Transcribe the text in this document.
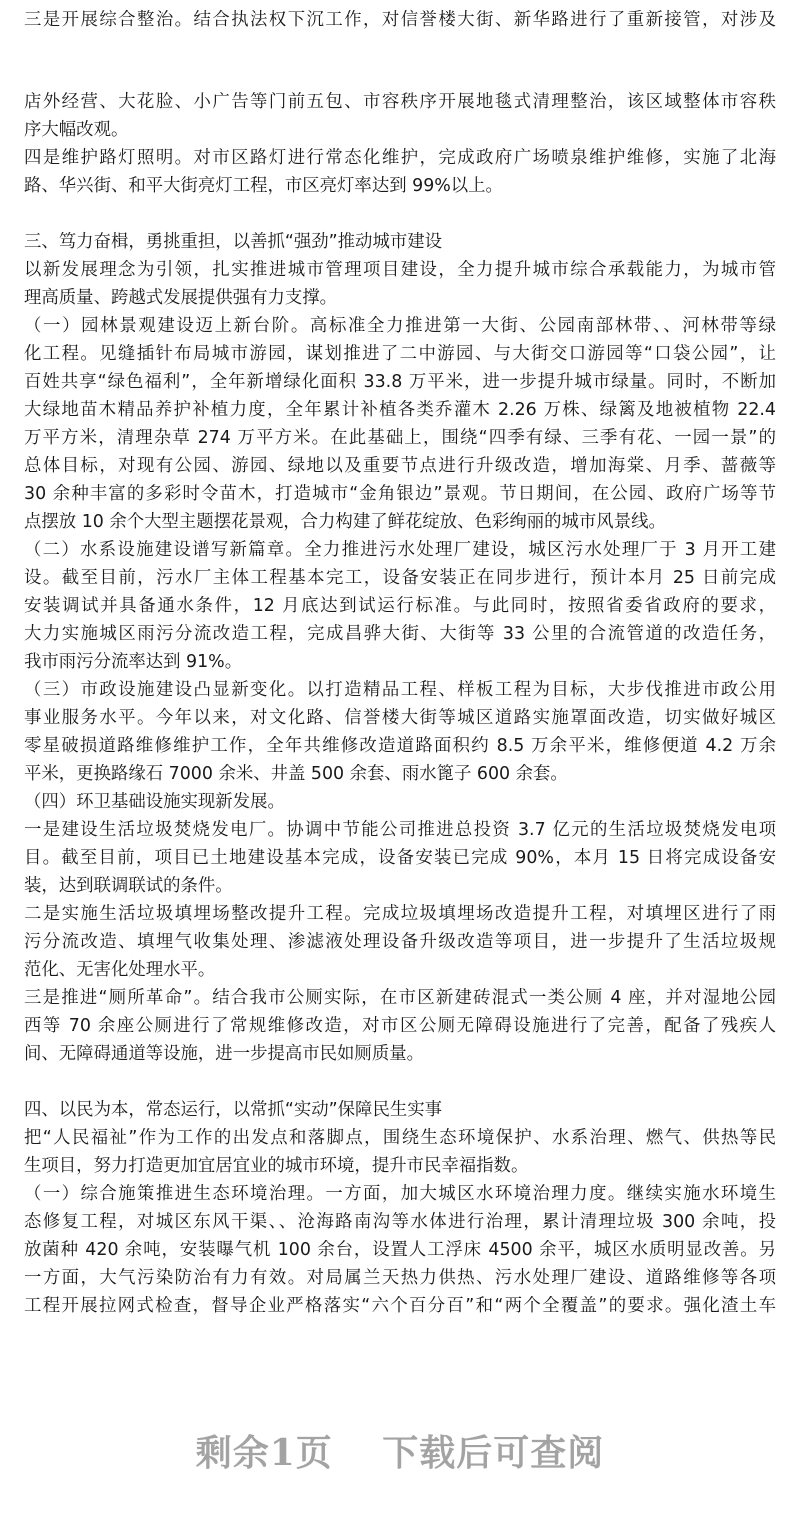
三是开展综合整治。结合执法权下沉工作，对信誉楼大街、新华路进行了重新接管，对涉及
店外经营、大花脸、小广告等门前五包、市容秩序开展地毯式清理整治，该区域整体市容秩
序大幅改观。
四是维护路灯照明。对市区路灯进行常态化维护，完成政府广场喷泉维护维修，实施了北海
路、华兴街、和平大街亮灯工程，市区亮灯率达到 99%以上。
三、笃力奋楫，勇挑重担，以善抓“强劲”推动城市建设
以新发展理念为引领，扎实推进城市管理项目建设，全力提升城市综合承载能力，为城市管
理高质量、跨越式发展提供强有力支撑。
（一）园林景观建设迈上新台阶。高标准全力推进第一大街、公园南部林带、、河林带等绿
化工程。见缝插针布局城市游园，谋划推进了二中游园、与大街交口游园等“口袋公园”，让
百姓共享“绿色福利”，全年新增绿化面积 33.8 万平米，进一步提升城市绿量。同时，不断加
大绿地苗木精品养护补植力度，全年累计补植各类乔灌木 2.26 万株、绿篱及地被植物 22.4
万平方米，清理杂草 274 万平方米。在此基础上，围绕“四季有绿、三季有花、一园一景”的
总体目标，对现有公园、游园、绿地以及重要节点进行升级改造，增加海棠、月季、蔷薇等
30 余种丰富的多彩时令苗木，打造城市“金角银边”景观。节日期间，在公园、政府广场等节
点摆放 10 余个大型主题摆花景观，合力构建了鲜花绽放、色彩绚丽的城市风景线。
（二）水系设施建设谱写新篇章。全力推进污水处理厂建设，城区污水处理厂于 3 月开工建
设。截至目前，污水厂主体工程基本完工，设备安装正在同步进行，预计本月 25 日前完成
安装调试并具备通水条件，12 月底达到试运行标准。与此同时，按照省委省政府的要求，
大力实施城区雨污分流改造工程，完成昌骅大街、大街等 33 公里的合流管道的改造任务，
我市雨污分流率达到 91%。
（三）市政设施建设凸显新变化。以打造精品工程、样板工程为目标，大步伐推进市政公用
事业服务水平。今年以来，对文化路、信誉楼大街等城区道路实施罩面改造，切实做好城区
零星破损道路维修维护工作，全年共维修改造道路面积约 8.5 万余平米，维修便道 4.2 万余
平米，更换路缘石 7000 余米、井盖 500 余套、雨水篦子 600 余套。
（四）环卫基础设施实现新发展。
一是建设生活垃圾焚烧发电厂。协调中节能公司推进总投资 3.7 亿元的生活垃圾焚烧发电项
目。截至目前，项目已土地建设基本完成，设备安装已完成 90%，本月 15 日将完成设备安
装，达到联调联试的条件。
二是实施生活垃圾填埋场整改提升工程。完成垃圾填埋场改造提升工程，对填埋区进行了雨
污分流改造、填埋气收集处理、渗滤液处理设备升级改造等项目，进一步提升了生活垃圾规
范化、无害化处理水平。
三是推进“厕所革命”。结合我市公厕实际，在市区新建砖混式一类公厕 4 座，并对湿地公园
西等 70 余座公厕进行了常规维修改造，对市区公厕无障碍设施进行了完善，配备了残疾人
间、无障碍通道等设施，进一步提高市民如厕质量。
四、以民为本，常态运行，以常抓“实动”保障民生实事
把“人民福祉”作为工作的出发点和落脚点，围绕生态环境保护、水系治理、燃气、供热等民
生项目，努力打造更加宜居宜业的城市环境，提升市民幸福指数。
（一）综合施策推进生态环境治理。一方面，加大城区水环境治理力度。继续实施水环境生
态修复工程，对城区东风干渠、、沧海路南沟等水体进行治理，累计清理垃圾 300 余吨，投
放菌种 420 余吨，安装曝气机 100 余台，设置人工浮床 4500 余平，城区水质明显改善。另
一方面，大气污染防治有力有效。对局属兰天热力供热、污水处理厂建设、道路维修等各项
工程开展拉网式检查，督导企业严格落实“六个百分百”和“两个全覆盖”的要求。强化渣土车
剩余1页 下载后可查阅
